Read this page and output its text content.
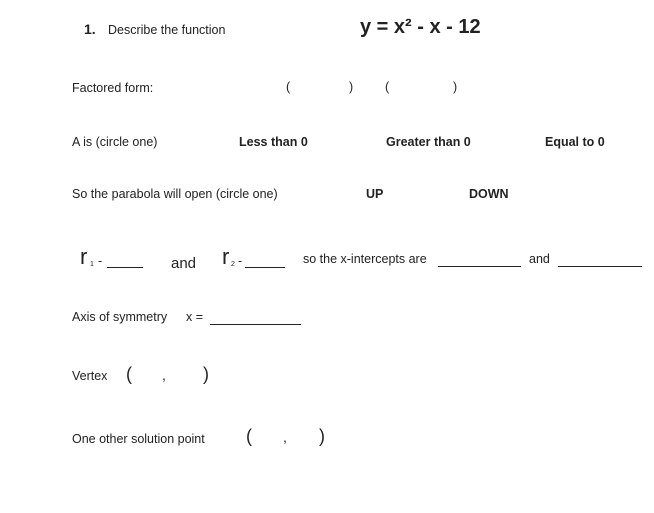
1. Describe the function	y = x² - x - 12
Factored form:	(	)	(	)
A is (circle one)	Less than 0	Greater than 0	Equal to 0
So the parabola will open (circle one)	UP	DOWN
r 1 -	and r 2 -	so the x-intercepts are	and
Axis of symmetry x =
Vertex ( , )
One other solution point ( , )
